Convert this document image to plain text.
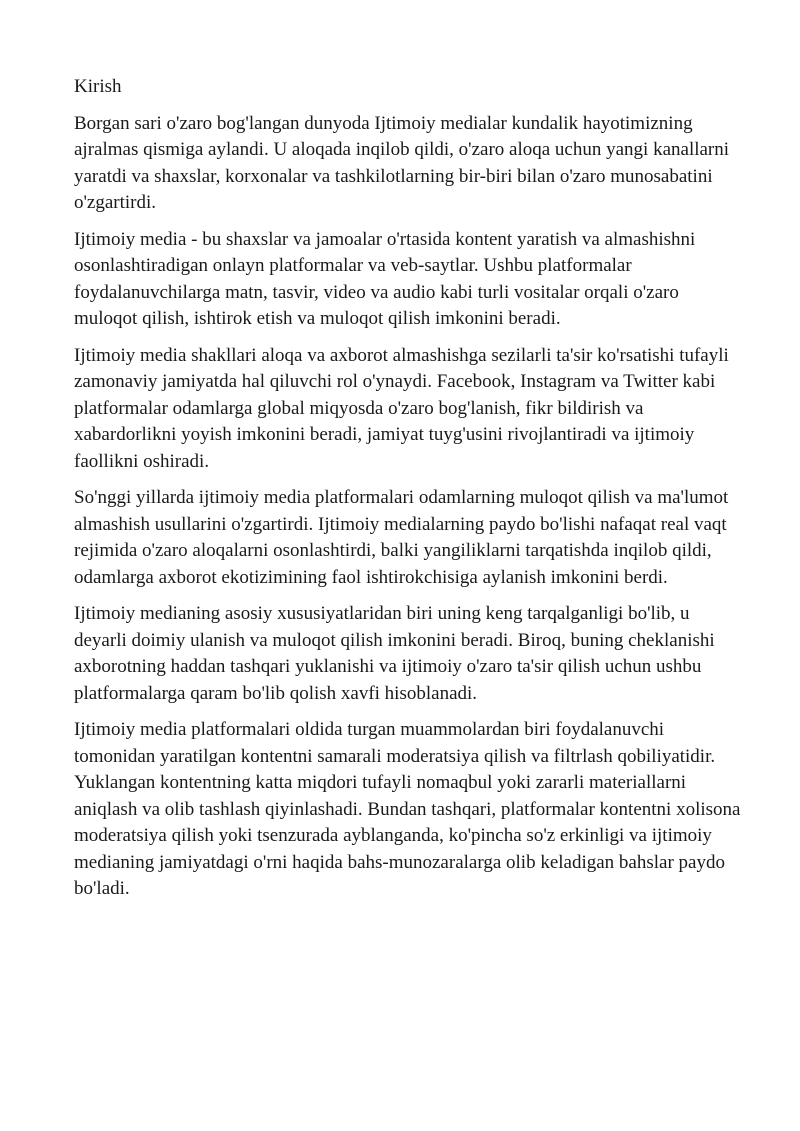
Kirish

Borgan sari o'zaro bog'langan dunyoda Ijtimoiy medialar kundalik hayotimizning ajralmas qismiga aylandi. U aloqada inqilob qildi, o'zaro aloqa uchun yangi kanallarni yaratdi va shaxslar, korxonalar va tashkilotlarning bir-biri bilan o'zaro munosabatini o'zgartirdi.

Ijtimoiy media - bu shaxslar va jamoalar o'rtasida kontent yaratish va almashishni osonlashtiradigan onlayn platformalar va veb-saytlar. Ushbu platformalar foydalanuvchilarga matn, tasvir, video va audio kabi turli vositalar orqali o'zaro muloqot qilish, ishtirok etish va muloqot qilish imkonini beradi.

Ijtimoiy media shakllari aloqa va axborot almashishga sezilarli ta'sir ko'rsatishi tufayli zamonaviy jamiyatda hal qiluvchi rol o'ynaydi. Facebook, Instagram va Twitter kabi platformalar odamlarga global miqyosda o'zaro bog'lanish, fikr bildirish va xabardorlikni yoyish imkonini beradi, jamiyat tuyg'usini rivojlantiradi va ijtimoiy faollikni oshiradi.

So'nggi yillarda ijtimoiy media platformalari odamlarning muloqot qilish va ma'lumot almashish usullarini o'zgartirdi. Ijtimoiy medialarning paydo bo'lishi nafaqat real vaqt rejimida o'zaro aloqalarni osonlashtirdi, balki yangiliklarni tarqatishda inqilob qildi, odamlarga axborot ekotizimining faol ishtirokchisiga aylanish imkonini berdi.

Ijtimoiy medianing asosiy xususiyatlaridan biri uning keng tarqalganligi bo'lib, u deyarli doimiy ulanish va muloqot qilish imkonini beradi. Biroq, buning cheklanishi axborotning haddan tashqari yuklanishi va ijtimoiy o'zaro ta'sir qilish uchun ushbu platformalarga qaram bo'lib qolish xavfi hisoblanadi.

Ijtimoiy media platformalari oldida turgan muammolardan biri foydalanuvchi tomonidan yaratilgan kontentni samarali moderatsiya qilish va filtrlash qobiliyatidir. Yuklangan kontentning katta miqdori tufayli nomaqbul yoki zararli materiallarni aniqlash va olib tashlash qiyinlashadi. Bundan tashqari, platformalar kontentni xolisona moderatsiya qilish yoki tsenzurada ayblanganda, ko'pincha so'z erkinligi va ijtimoiy medianing jamiyatdagi o'rni haqida bahs-munozaralarga olib keladigan bahslar paydo bo'ladi.
